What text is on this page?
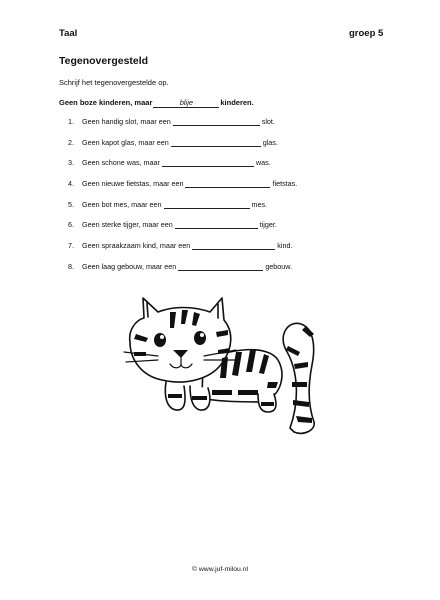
Taal	groep 5
Tegenovergesteld
Schrijf het tegenovergestelde op.
Geen boze kinderen, maar	blije	kinderen.
1.	Geen handig slot, maar een	slot.
2.	Geen kapot glas, maar een	glas.
3.	Geen schone was, maar	was.
4.	Geen nieuwe fietstas, maar een	fietstas.
5.	Geen bot mes, maar een	mes.
6.	Geen sterke tijger, maar een	tijger.
7.	Geen spraakzaam kind, maar een	kind.
8.	Geen laag gebouw, maar een	gebouw.
© www.juf-milou.nl
